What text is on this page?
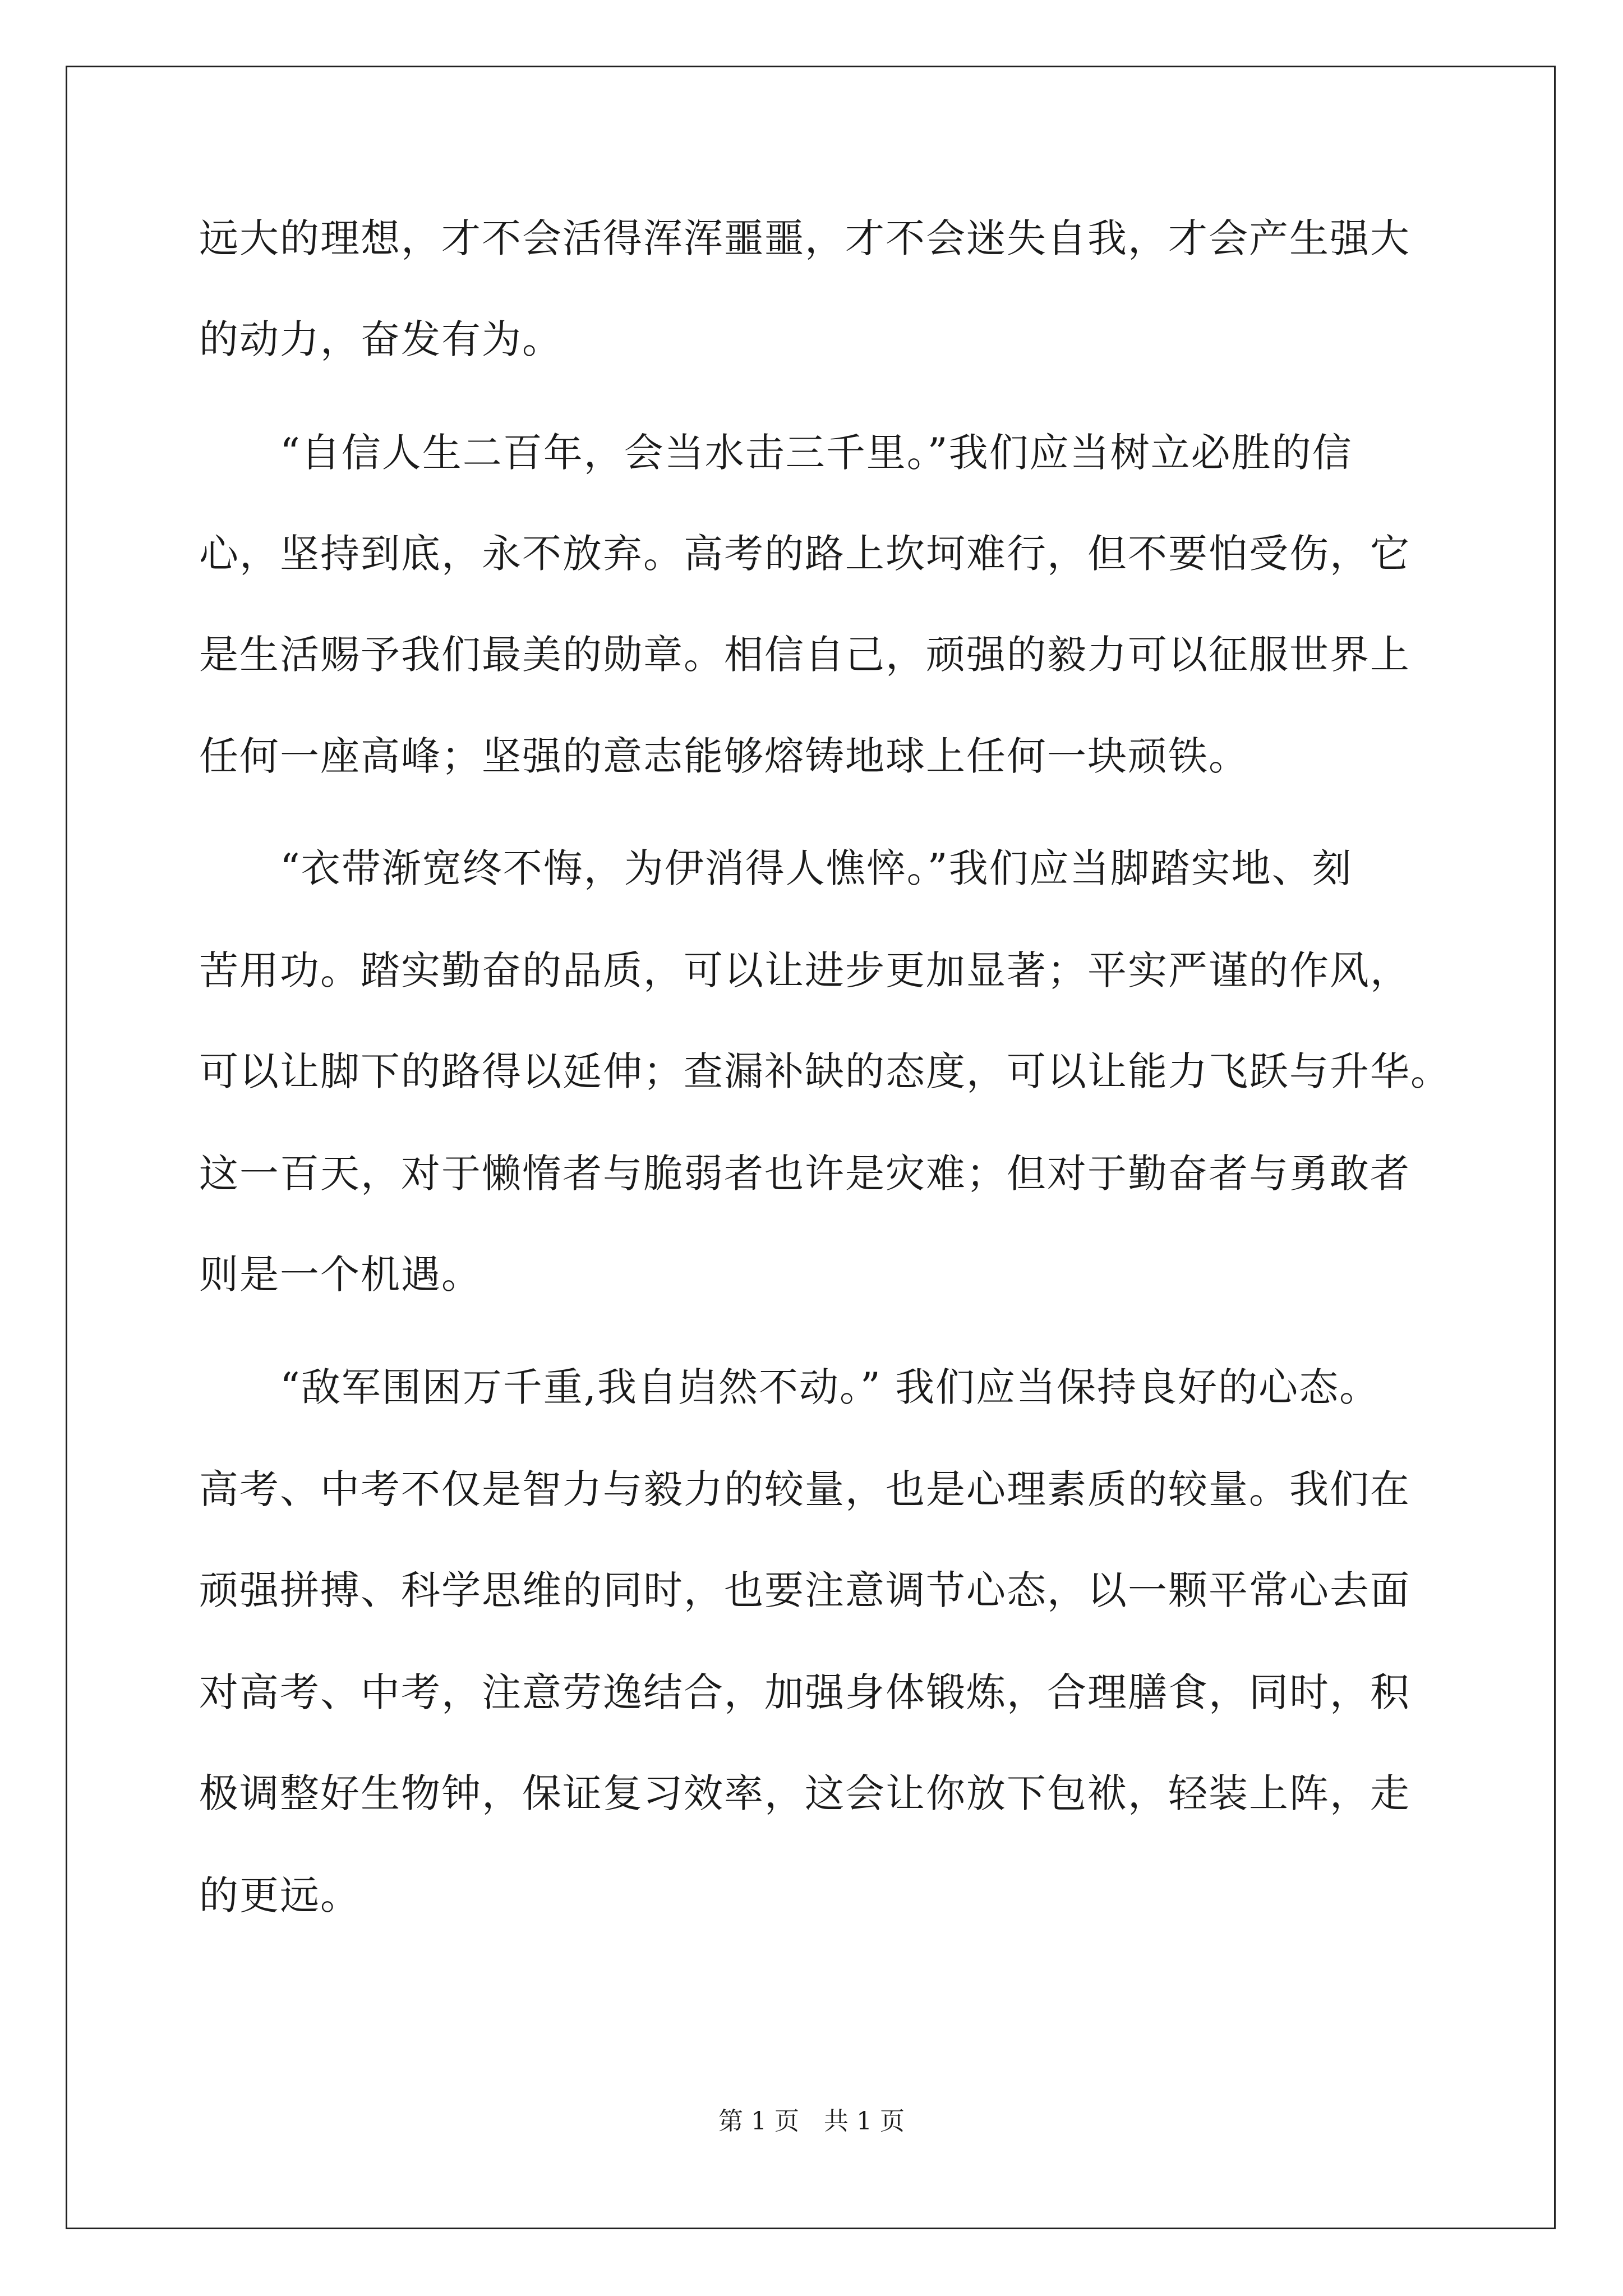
远大的理想，才不会活得浑浑噩噩，才不会迷失自我，才会产生强大
的动力，奋发有为。
　　“自信人生二百年，会当水击三千里。”我们应当树立必胜的信
心，坚持到底，永不放弃。高考的路上坎坷难行，但不要怕受伤，它
是生活赐予我们最美的勋章。相信自己，顽强的毅力可以征服世界上
任何一座高峰；坚强的意志能够熔铸地球上任何一块顽铁。
　　“衣带渐宽终不悔，为伊消得人憔悴。”我们应当脚踏实地、刻
苦用功。踏实勤奋的品质，可以让进步更加显著；平实严谨的作风，
可以让脚下的路得以延伸；查漏补缺的态度，可以让能力飞跃与升华。
这一百天，对于懒惰者与脆弱者也许是灾难；但对于勤奋者与勇敢者
则是一个机遇。
　　“敌军围困万千重,我自岿然不动。” 我们应当保持良好的心态。
高考、中考不仅是智力与毅力的较量，也是心理素质的较量。我们在
顽强拼搏、科学思维的同时，也要注意调节心态，以一颗平常心去面
对高考、中考，注意劳逸结合，加强身体锻炼，合理膳食，同时，积
极调整好生物钟，保证复习效率，这会让你放下包袱，轻装上阵，走
的更远。
第 1 页　共 1 页
